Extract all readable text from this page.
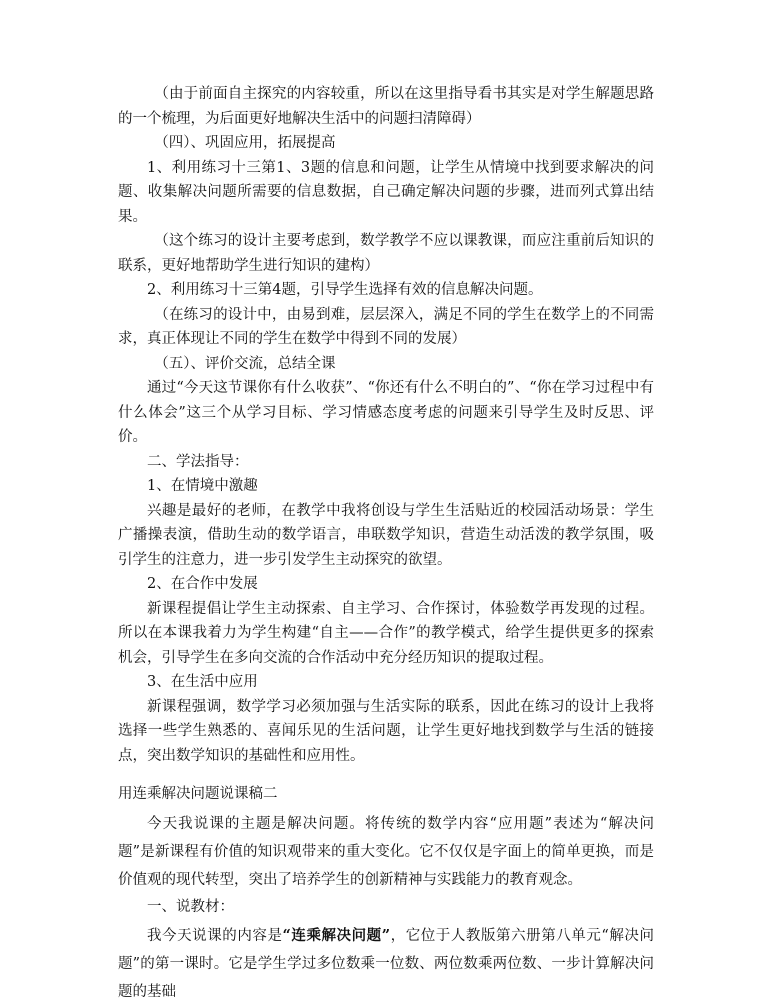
（由于前面自主探究的内容较重，所以在这里指导看书其实是对学生解题思路的一个梳理，为后面更好地解决生活中的问题扫清障碍）

（四）、巩固应用，拓展提高

1、利用练习十三第1、3题的信息和问题，让学生从情境中找到要求解决的问题、收集解决问题所需要的信息数据，自己确定解决问题的步骤，进而列式算出结果。

（这个练习的设计主要考虑到，数学教学不应以课教课，而应注重前后知识的联系，更好地帮助学生进行知识的建构）

2、利用练习十三第4题，引导学生选择有效的信息解决问题。

（在练习的设计中，由易到难，层层深入，满足不同的学生在数学上的不同需求，真正体现让不同的学生在数学中得到不同的发展）

（五）、评价交流，总结全课

通过“今天这节课你有什么收获”、“你还有什么不明白的”、“你在学习过程中有什么体会”这三个从学习目标、学习情感态度考虑的问题来引导学生及时反思、评价。

二、学法指导：

1、在情境中激趣

兴趣是最好的老师，在教学中我将创设与学生生活贴近的校园活动场景：学生广播操表演，借助生动的数学语言，串联数学知识，营造生动活泼的教学氛围，吸引学生的注意力，进一步引发学生主动探究的欲望。

2、在合作中发展

新课程提倡让学生主动探索、自主学习、合作探讨，体验数学再发现的过程。所以在本课我着力为学生构建“自主——合作”的教学模式，给学生提供更多的探索机会，引导学生在多向交流的合作活动中充分经历知识的提取过程。

3、在生活中应用

新课程强调，数学学习必须加强与生活实际的联系，因此在练习的设计上我将选择一些学生熟悉的、喜闻乐见的生活问题，让学生更好地找到数学与生活的链接点，突出数学知识的基础性和应用性。

用连乘解决问题说课稿二

今天我说课的主题是解决问题。将传统的数学内容“应用题”表述为“解决问题”是新课程有价值的知识观带来的重大变化。它不仅仅是字面上的简单更换，而是价值观的现代转型，突出了培养学生的创新精神与实践能力的教育观念。

一、说教材：

我今天说课的内容是“连乘解决问题”，它位于人教版第六册第八单元“解决问题”的第一课时。它是学生学过多位数乘一位数、两位数乘两位数、一步计算解决问题的基础
